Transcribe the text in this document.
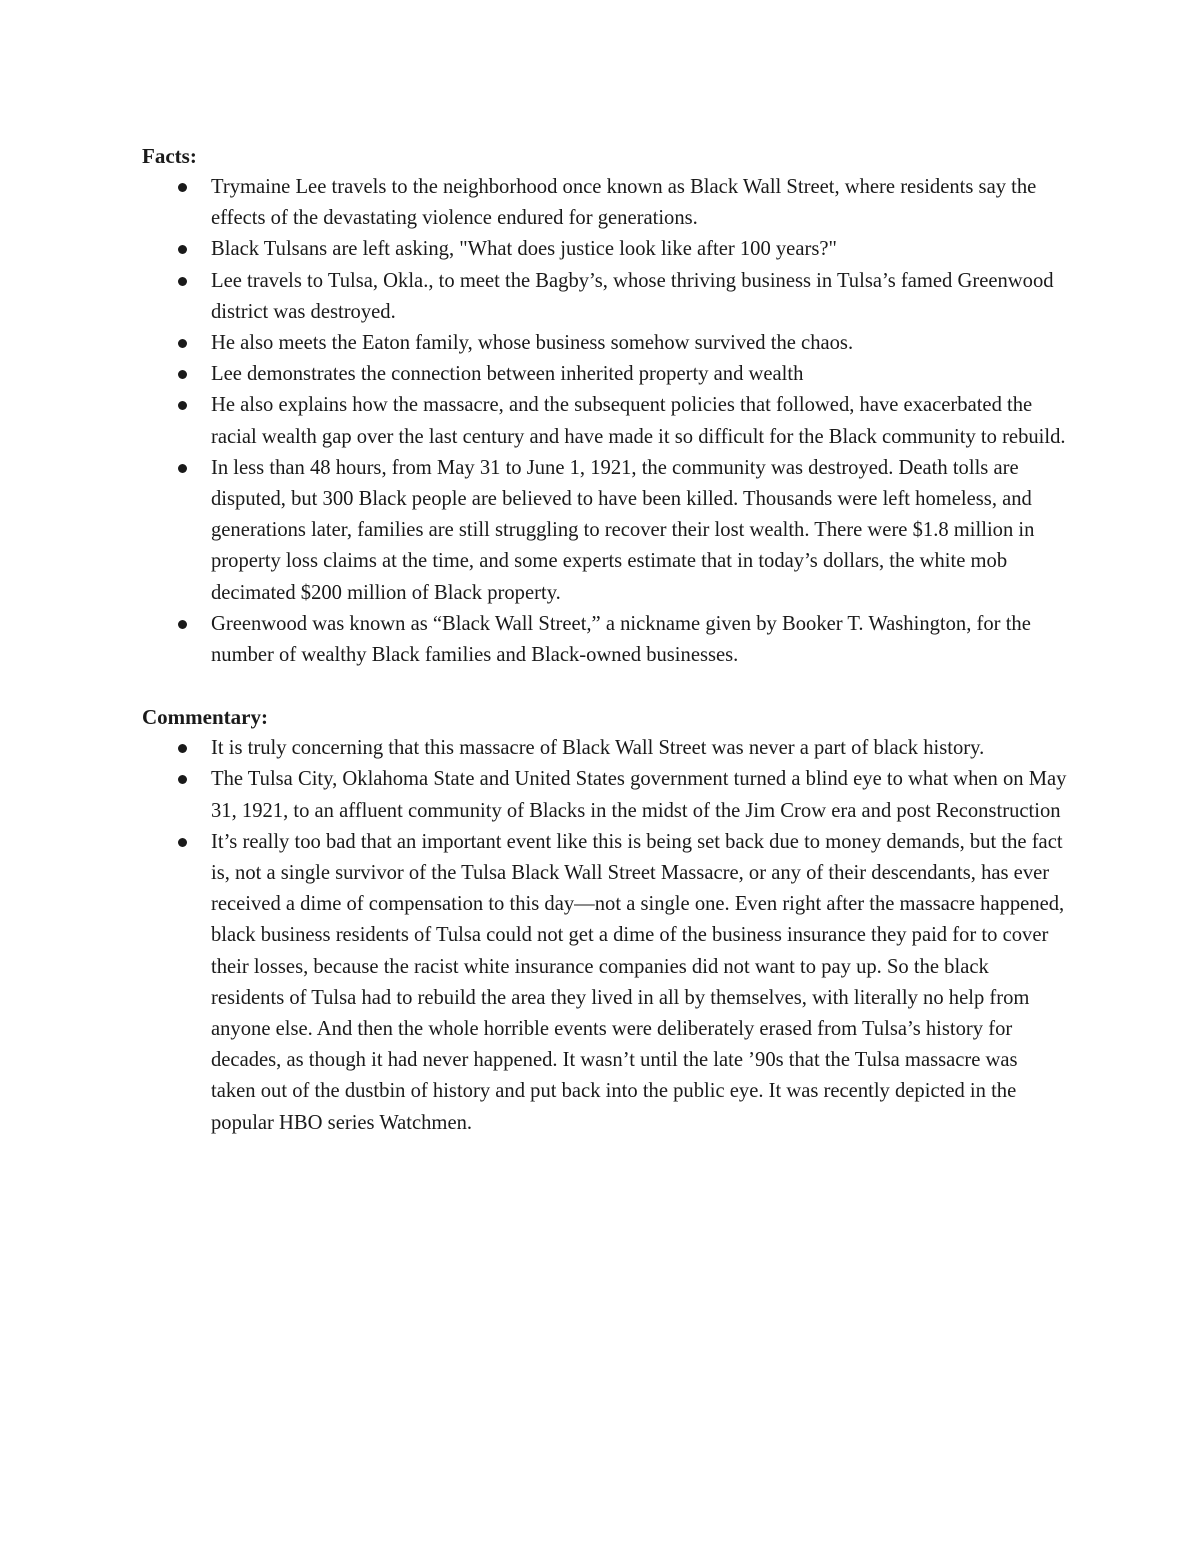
Facts:
Trymaine Lee travels to the neighborhood once known as Black Wall Street, where residents say the effects of the devastating violence endured for generations.
Black Tulsans are left asking, "What does justice look like after 100 years?"
Lee travels to Tulsa, Okla., to meet the Bagby’s, whose thriving business in Tulsa’s famed Greenwood district was destroyed.
He also meets the Eaton family, whose business somehow survived the chaos.
Lee demonstrates the connection between inherited property and wealth
He also explains how the massacre, and the subsequent policies that followed, have exacerbated the racial wealth gap over the last century and have made it so difficult for the Black community to rebuild.
In less than 48 hours, from May 31 to June 1, 1921, the community was destroyed. Death tolls are disputed, but 300 Black people are believed to have been killed. Thousands were left homeless, and generations later, families are still struggling to recover their lost wealth. There were $1.8 million in property loss claims at the time, and some experts estimate that in today’s dollars, the white mob decimated $200 million of Black property.
Greenwood was known as “Black Wall Street,” a nickname given by Booker T. Washington, for the number of wealthy Black families and Black-owned businesses.
Commentary:
It is truly concerning that this massacre of Black Wall Street was never a part of black history.
The Tulsa City, Oklahoma State and United States government turned a blind eye to what when on May 31, 1921, to an affluent community of Blacks in the midst of the Jim Crow era and post Reconstruction
It’s really too bad that an important event like this is being set back due to money demands, but the fact is, not a single survivor of the Tulsa Black Wall Street Massacre, or any of their descendants, has ever received a dime of compensation to this day—not a single one. Even right after the massacre happened, black business residents of Tulsa could not get a dime of the business insurance they paid for to cover their losses, because the racist white insurance companies did not want to pay up. So the black residents of Tulsa had to rebuild the area they lived in all by themselves, with literally no help from anyone else. And then the whole horrible events were deliberately erased from Tulsa’s history for decades, as though it had never happened. It wasn’t until the late ’90s that the Tulsa massacre was taken out of the dustbin of history and put back into the public eye. It was recently depicted in the popular HBO series Watchmen.
